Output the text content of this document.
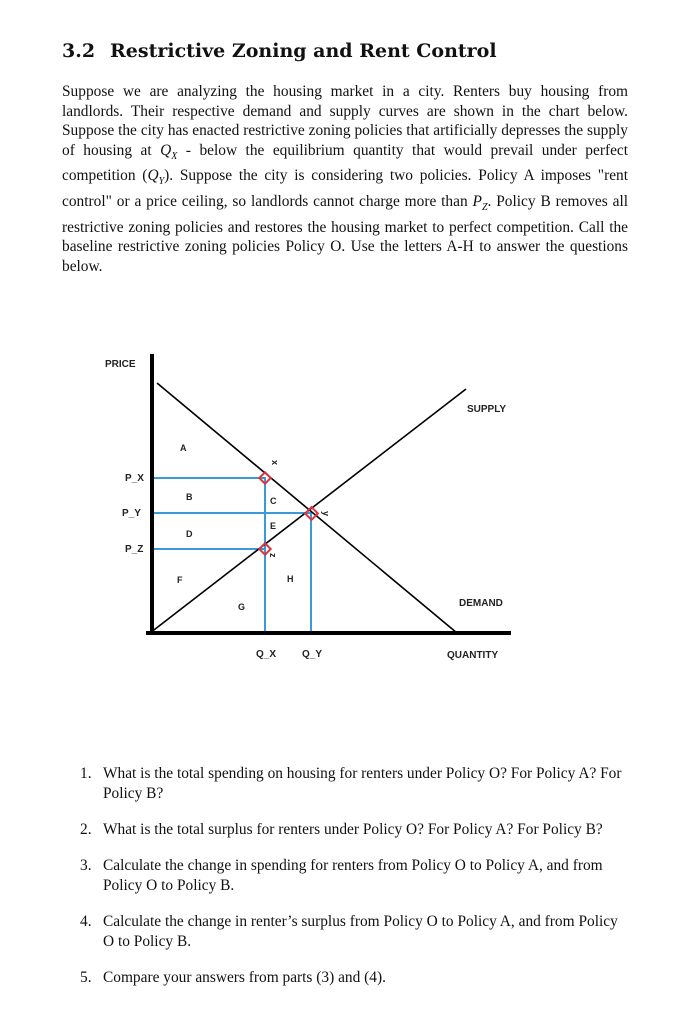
3.2 Restrictive Zoning and Rent Control

Suppose we are analyzing the housing market in a city. Renters buy housing from landlords. Their respective demand and supply curves are shown in the chart below. Suppose the city has enacted restrictive zoning policies that artificially depresses the supply of housing at $Q_X$ - below the equilibrium quantity that would prevail under perfect competition $(Q_Y)$. Suppose the city is considering two policies. Policy A imposes "rent control" or a price ceiling, so landlords cannot charge more than $P_Z$. Policy B removes all restrictive zoning policies and restores the housing market to perfect competition. Call the baseline restrictive zoning policies Policy O. Use the letters A-H to answer the questions below.

PRICE
QUANTITY
SUPPLY
DEMAND
P_X
P_Y
P_Z
Q_X	Q_Y
x
y
z
A
B	C
D
E
F
G
H
1. What is the total spending on housing for renters under Policy O? For Policy A? For Policy B?
2. What is the total surplus for renters under Policy O? For Policy A? For Policy B?
3. Calculate the change in spending for renters from Policy O to Policy A, and from Policy O to Policy B.
4. Calculate the change in renter’s surplus from Policy O to Policy A, and from Policy O to Policy B.
5. Compare your answers from parts (3) and (4).
